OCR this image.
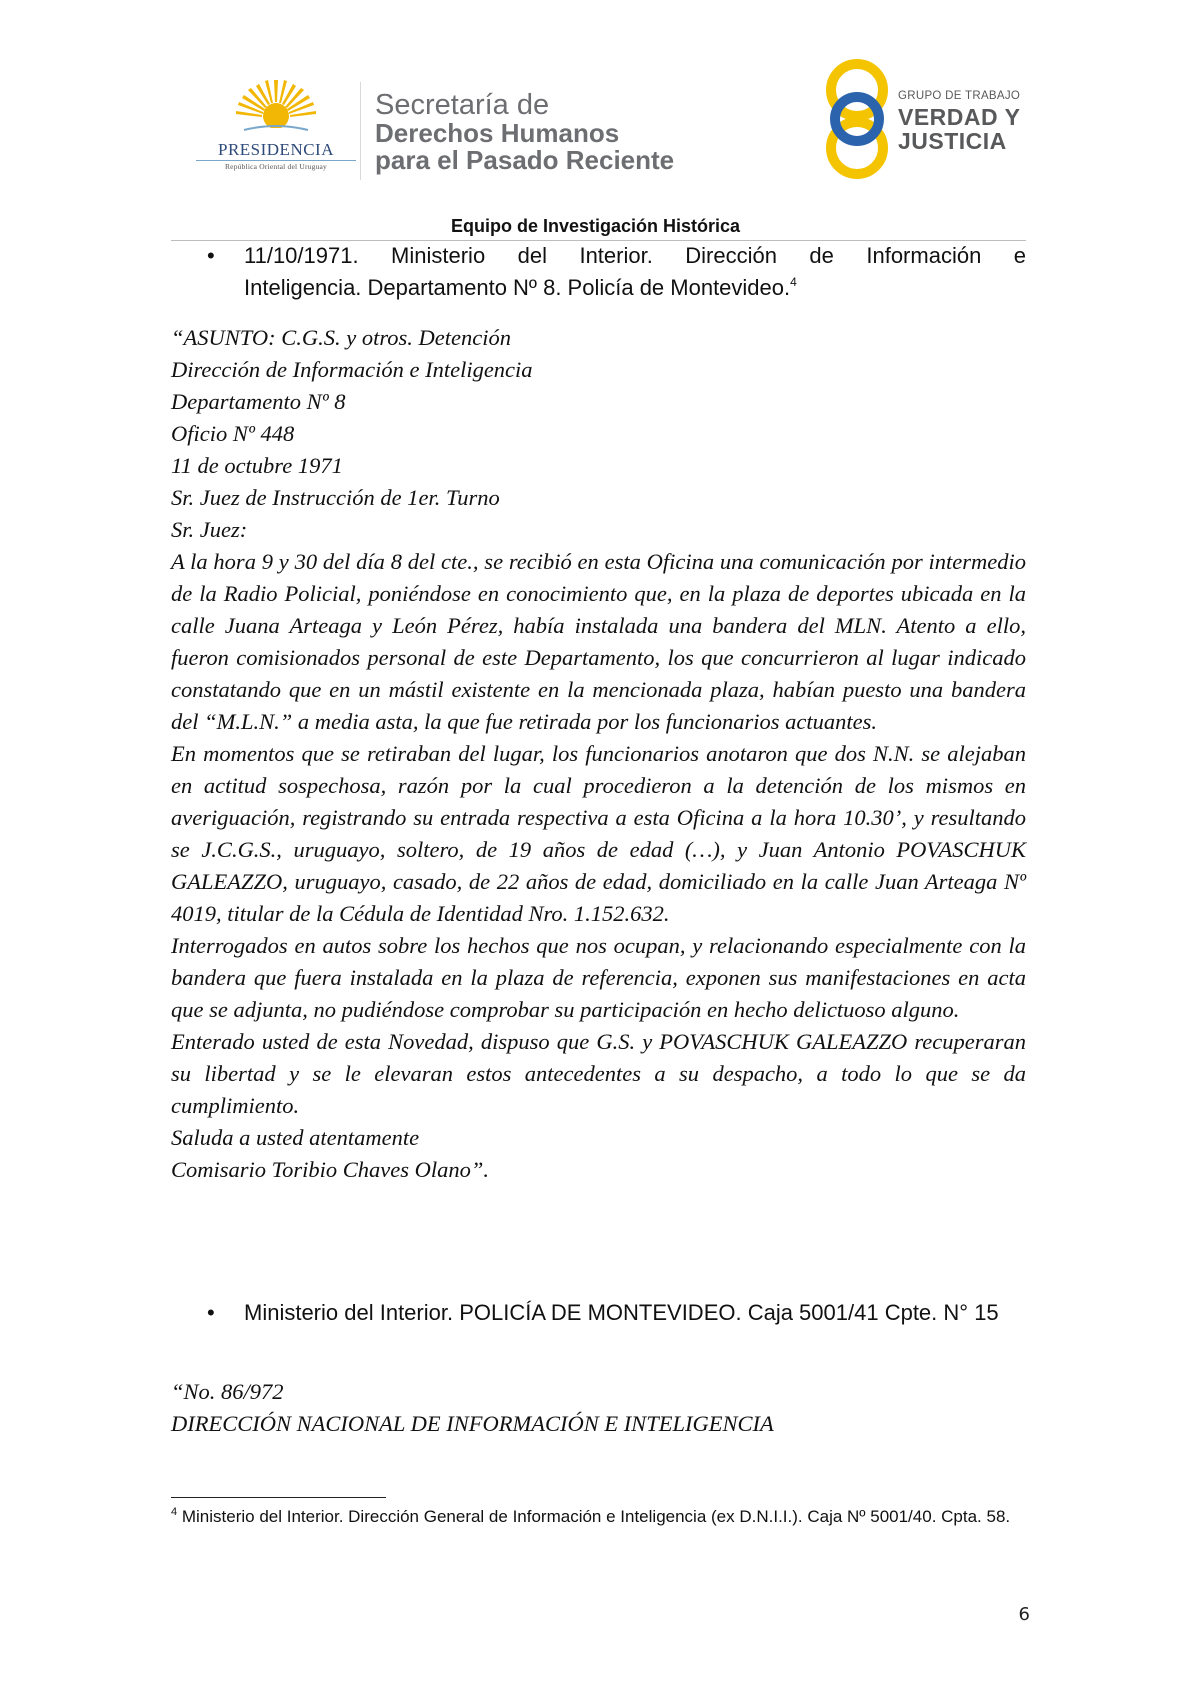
PRESIDENCIA
República Oriental del Uruguay
Secretaría de
Derechos Humanos
para el Pasado Reciente
GRUPO DE TRABAJO
VERDAD Y
JUSTICIA
Equipo de Investigación Histórica
• 11/10/1971. Ministerio del Interior. Dirección de Información e
Inteligencia. Departamento Nº 8. Policía de Montevideo.$^4$
“ASUNTO: C.G.S. y otros. Detención
Dirección de Información e Inteligencia
Departamento Nº 8
Oficio Nº 448
11 de octubre 1971
Sr. Juez de Instrucción de 1er. Turno
Sr. Juez:
A la hora 9 y 30 del día 8 del cte., se recibió en esta Oficina una comunicación por intermedio de la Radio Policial, poniéndose en conocimiento que, en la plaza de deportes ubicada en la calle Juana Arteaga y León Pérez, había instalada una bandera del MLN. Atento a ello, fueron comisionados personal de este Departamento, los que concurrieron al lugar indicado constatando que en un mástil existente en la mencionada plaza, habían puesto una bandera del “M.L.N.” a media asta, la que fue retirada por los funcionarios actuantes.
En momentos que se retiraban del lugar, los funcionarios anotaron que dos N.N. se alejaban en actitud sospechosa, razón por la cual procedieron a la detención de los mismos en averiguación, registrando su entrada respectiva a esta Oficina a la hora 10.30’, y resultando se J.C.G.S., uruguayo, soltero, de 19 años de edad (…), y Juan Antonio POVASCHUK GALEAZZO, uruguayo, casado, de 22 años de edad, domiciliado en la calle Juan Arteaga Nº 4019, titular de la Cédula de Identidad Nro. 1.152.632.
Interrogados en autos sobre los hechos que nos ocupan, y relacionando especialmente con la bandera que fuera instalada en la plaza de referencia, exponen sus manifestaciones en acta que se adjunta, no pudiéndose comprobar su participación en hecho delictuoso alguno.
Enterado usted de esta Novedad, dispuso que G.S. y POVASCHUK GALEAZZO recuperaran su libertad y se le elevaran estos antecedentes a su despacho, a todo lo que se da cumplimiento.
Saluda a usted atentamente
Comisario Toribio Chaves Olano”.
• Ministerio del Interior. POLICÍA DE MONTEVIDEO. Caja 5001/41 Cpte. N° 15
“No. 86/972
DIRECCIÓN NACIONAL DE INFORMACIÓN E INTELIGENCIA
$^4$ Ministerio del Interior. Dirección General de Información e Inteligencia (ex D.N.I.I.). Caja Nº 5001/40. Cpta. 58.
6
